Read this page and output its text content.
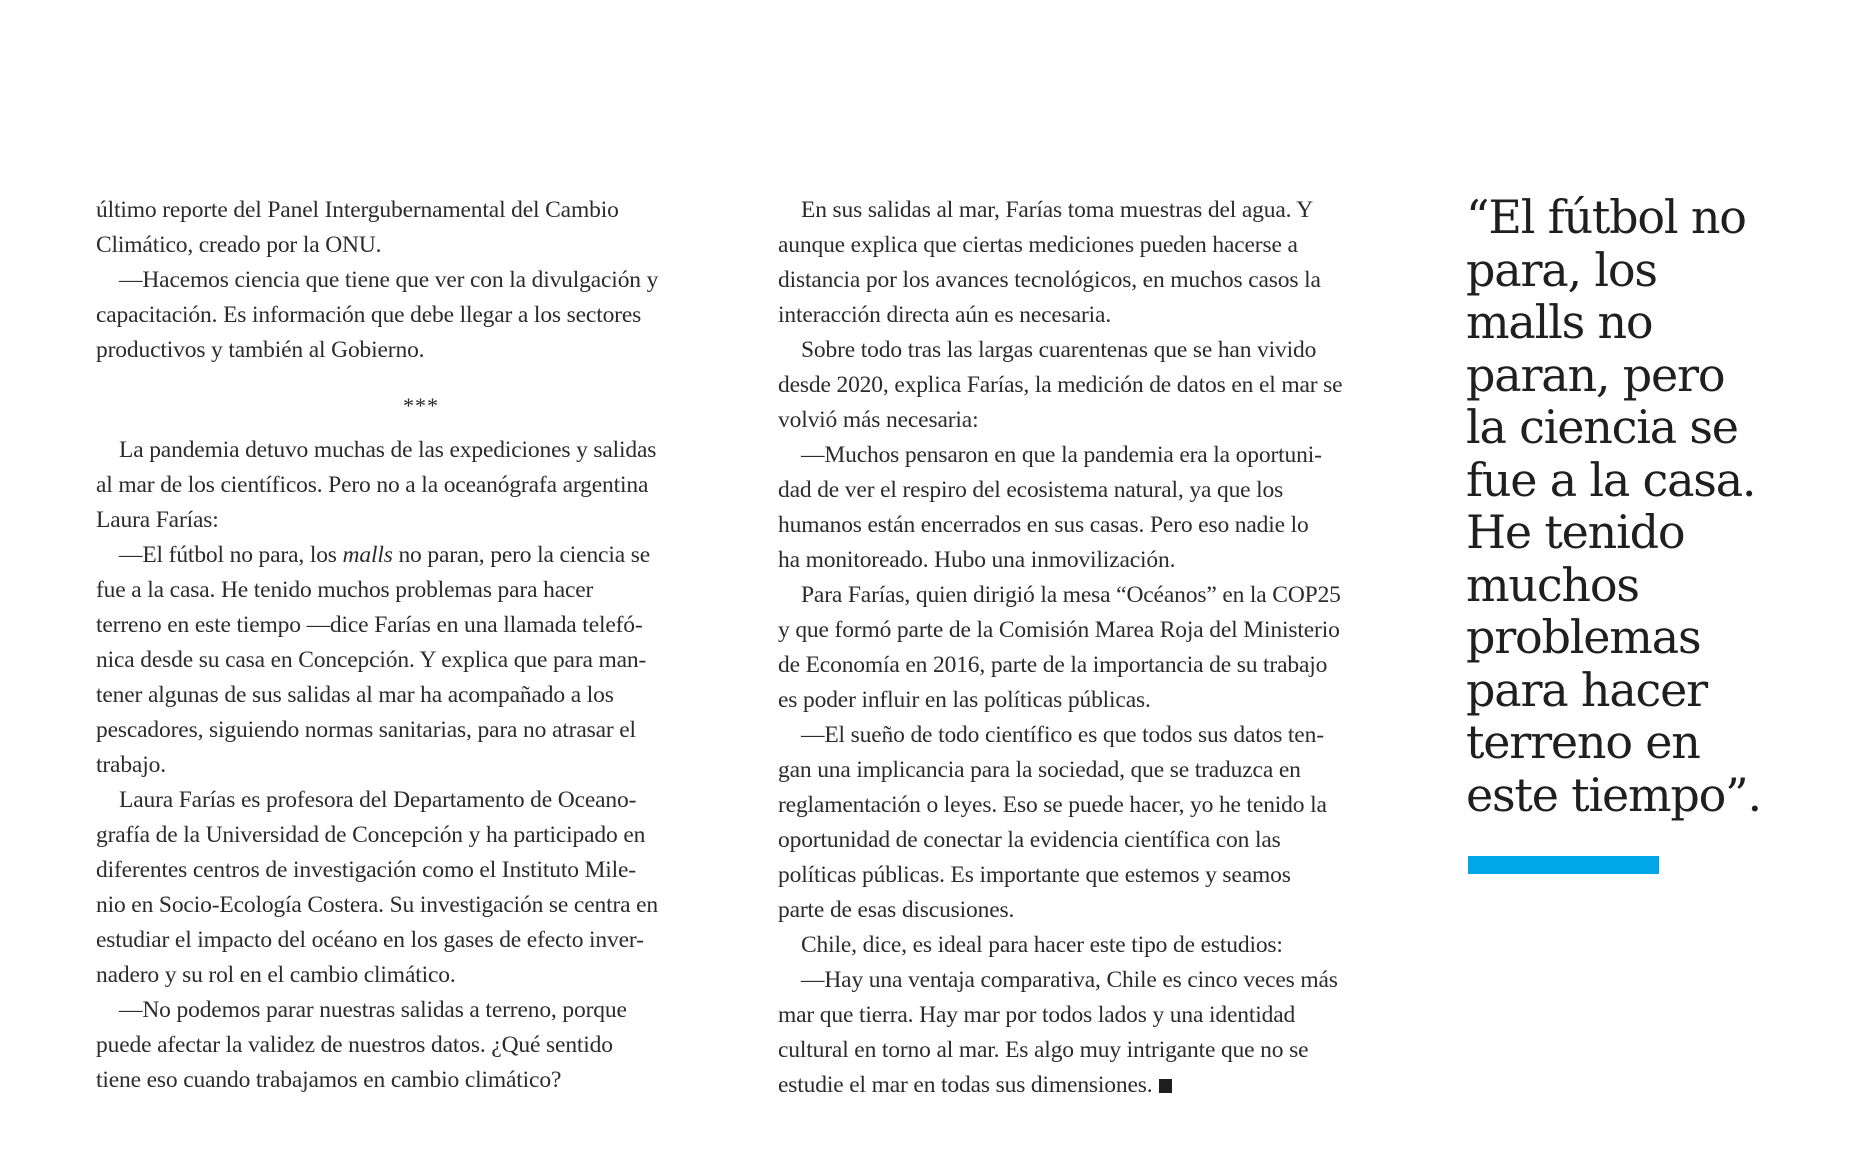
último reporte del Panel Intergubernamental del Cambio
Climático, creado por la ONU.
—Hacemos ciencia que tiene que ver con la divulgación y
capacitación. Es información que debe llegar a los sectores
productivos y también al Gobierno.
***
La pandemia detuvo muchas de las expediciones y salidas
al mar de los científicos. Pero no a la oceanógrafa argentina
Laura Farías:
—El fútbol no para, los malls no paran, pero la ciencia se
fue a la casa. He tenido muchos problemas para hacer
terreno en este tiempo —dice Farías en una llamada telefó-
nica desde su casa en Concepción. Y explica que para man-
tener algunas de sus salidas al mar ha acompañado a los
pescadores, siguiendo normas sanitarias, para no atrasar el
trabajo.
Laura Farías es profesora del Departamento de Oceano-
grafía de la Universidad de Concepción y ha participado en
diferentes centros de investigación como el Instituto Mile-
nio en Socio-Ecología Costera. Su investigación se centra en
estudiar el impacto del océano en los gases de efecto inver-
nadero y su rol en el cambio climático.
—No podemos parar nuestras salidas a terreno, porque
puede afectar la validez de nuestros datos. ¿Qué sentido
tiene eso cuando trabajamos en cambio climático?
En sus salidas al mar, Farías toma muestras del agua. Y
aunque explica que ciertas mediciones pueden hacerse a
distancia por los avances tecnológicos, en muchos casos la
interacción directa aún es necesaria.
Sobre todo tras las largas cuarentenas que se han vivido
desde 2020, explica Farías, la medición de datos en el mar se
volvió más necesaria:
—Muchos pensaron en que la pandemia era la oportuni-
dad de ver el respiro del ecosistema natural, ya que los
humanos están encerrados en sus casas. Pero eso nadie lo
ha monitoreado. Hubo una inmovilización.
Para Farías, quien dirigió la mesa “Océanos” en la COP25
y que formó parte de la Comisión Marea Roja del Ministerio
de Economía en 2016, parte de la importancia de su trabajo
es poder influir en las políticas públicas.
—El sueño de todo científico es que todos sus datos ten-
gan una implicancia para la sociedad, que se traduzca en
reglamentación o leyes. Eso se puede hacer, yo he tenido la
oportunidad de conectar la evidencia científica con las
políticas públicas. Es importante que estemos y seamos
parte de esas discusiones.
Chile, dice, es ideal para hacer este tipo de estudios:
—Hay una ventaja comparativa, Chile es cinco veces más
mar que tierra. Hay mar por todos lados y una identidad
cultural en torno al mar. Es algo muy intrigante que no se
estudie el mar en todas sus dimensiones.
“El fútbol no
para, los
malls no
paran, pero
la ciencia se
fue a la casa.
He tenido
muchos
problemas
para hacer
terreno en
este tiempo”.
